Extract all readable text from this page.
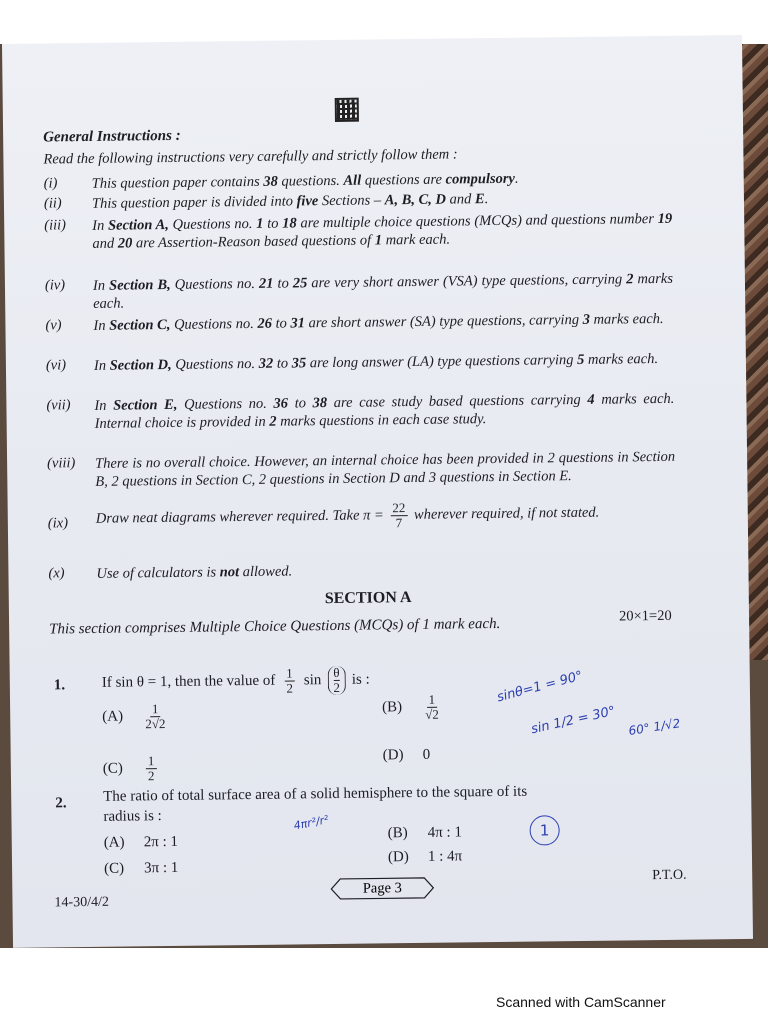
General Instructions :
Read the following instructions very carefully and strictly follow them :
(i) This question paper contains 38 questions. All questions are compulsory.
(ii) This question paper is divided into five Sections – A, B, C, D and E.
(iii) In Section A, Questions no. 1 to 18 are multiple choice questions (MCQs) and questions number 19 and 20 are Assertion-Reason based questions of 1 mark each.
(iv) In Section B, Questions no. 21 to 25 are very short answer (VSA) type questions, carrying 2 marks each.
(v) In Section C, Questions no. 26 to 31 are short answer (SA) type questions, carrying 3 marks each.
(vi) In Section D, Questions no. 32 to 35 are long answer (LA) type questions carrying 5 marks each.
(vii) In Section E, Questions no. 36 to 38 are case study based questions carrying 4 marks each. Internal choice is provided in 2 marks questions in each case study.
(viii) There is no overall choice. However, an internal choice has been provided in 2 questions in Section B, 2 questions in Section C, 2 questions in Section D and 3 questions in Section E.
(ix) Draw neat diagrams wherever required. Take $\pi = \frac{22}{7}$ wherever required, if not stated.
(x) Use of calculators is not allowed.
SECTION A
This section comprises Multiple Choice Questions (MCQs) of 1 mark each.	20×1=20
1. If sin θ = 1, then the value of $\frac{1}{2}$ $\sin \frac{\theta}{2}$ is :
(A)	$\frac{1}{2√2}$	(B)	$\frac{1}{√2}$
(C)	$\frac{1}{2}$	(D)	0
2. The ratio of total surface area of a solid hemisphere to the square of its
radius is :
(A)	2π : 1
(B)	4π : 1
(C)	3π : 1
(D)	1 : 4π
Page 3
P.T.O.
14-30/4/2
sinθ=1 = 90°
sin 1/2 = 30° 60° 1/√2
4πr²/r²	1
Scanned with CamScanner
